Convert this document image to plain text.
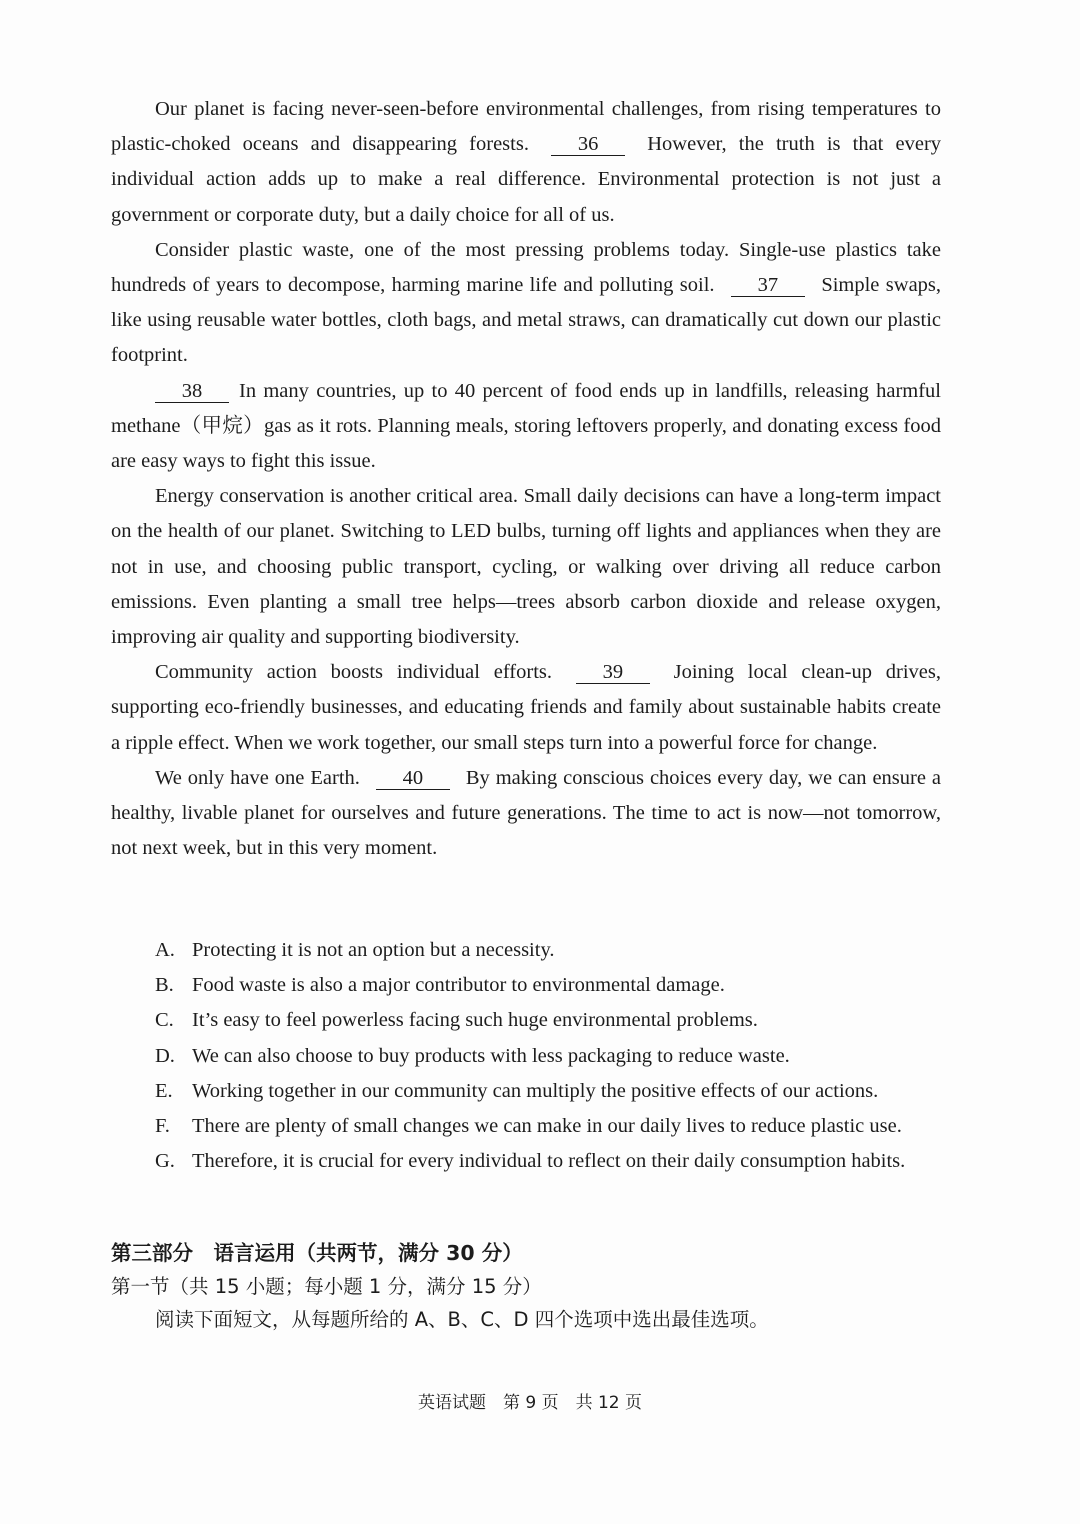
Our planet is facing never-seen-before environmental challenges, from rising temperatures to plastic-choked oceans and disappearing forests. 36 However, the truth is that every individual action adds up to make a real difference. Environmental protection is not just a government or corporate duty, but a daily choice for all of us.

Consider plastic waste, one of the most pressing problems today. Single-use plastics take hundreds of years to decompose, harming marine life and polluting soil. 37 Simple swaps, like using reusable water bottles, cloth bags, and metal straws, can dramatically cut down our plastic footprint.

38 In many countries, up to 40 percent of food ends up in landfills, releasing harmful methane（甲烷）gas as it rots. Planning meals, storing leftovers properly, and donating excess food are easy ways to fight this issue.

Energy conservation is another critical area. Small daily decisions can have a long-term impact on the health of our planet. Switching to LED bulbs, turning off lights and appliances when they are not in use, and choosing public transport, cycling, or walking over driving all reduce carbon emissions. Even planting a small tree helps—trees absorb carbon dioxide and release oxygen, improving air quality and supporting biodiversity.

Community action boosts individual efforts. 39 Joining local clean-up drives, supporting eco-friendly businesses, and educating friends and family about sustainable habits create a ripple effect. When we work together, our small steps turn into a powerful force for change.

We only have one Earth. 40 By making conscious choices every day, we can ensure a healthy, livable planet for ourselves and future generations. The time to act is now—not tomorrow, not next week, but in this very moment.

A. Protecting it is not an option but a necessity.
B. Food waste is also a major contributor to environmental damage.
C. It’s easy to feel powerless facing such huge environmental problems.
D. We can also choose to buy products with less packaging to reduce waste.
E. Working together in our community can multiply the positive effects of our actions.
F.	There are plenty of small changes we can make in our daily lives to reduce plastic use.
G. Therefore, it is crucial for every individual to reflect on their daily consumption habits.
第三部分　语言运用（共两节，满分 30 分）
第一节（共 15 小题；每小题 1 分，满分 15 分）
阅读下面短文，从每题所给的 A、B、C、D 四个选项中选出最佳选项。
英语试题　第 9 页　共 12 页
